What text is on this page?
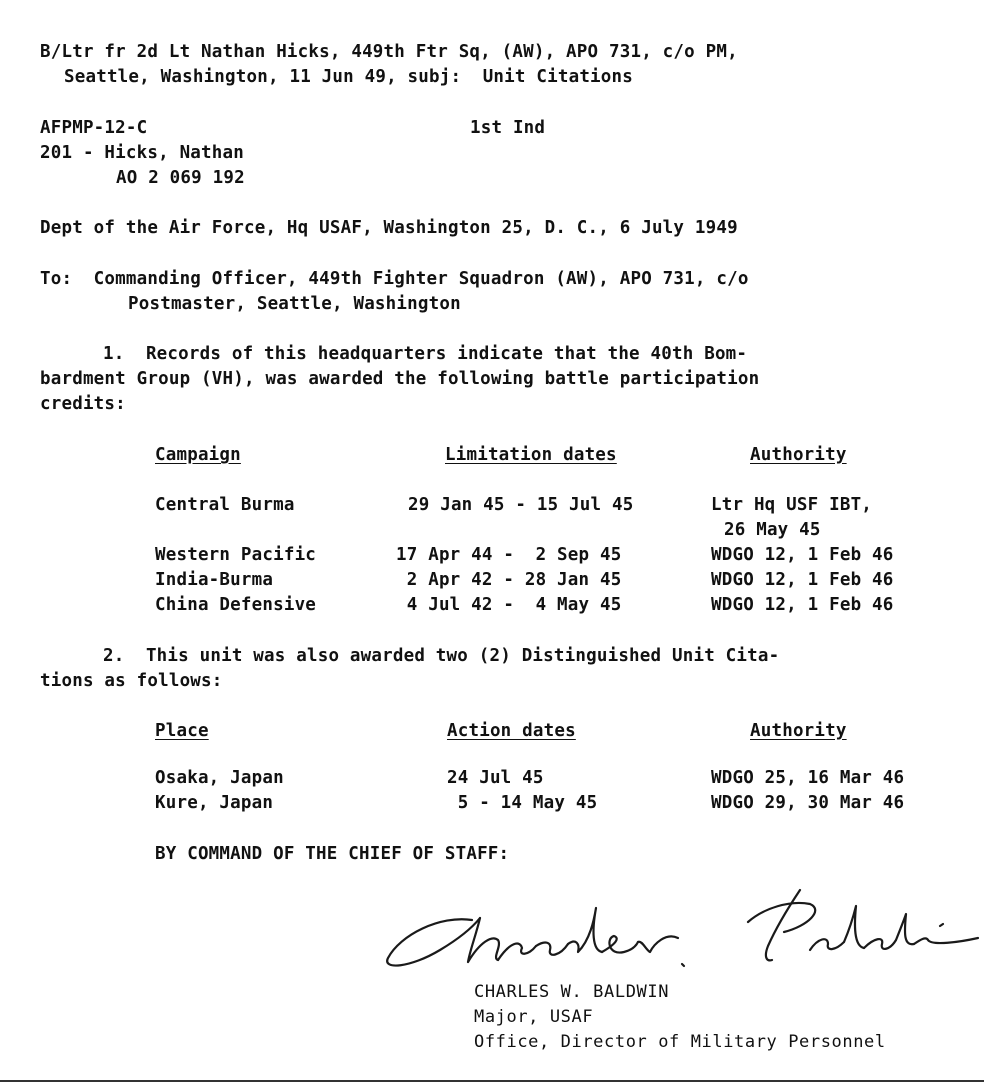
B/Ltr fr 2d Lt Nathan Hicks, 449th Ftr Sq, (AW), APO 731, c/o PM,
Seattle, Washington, 11 Jun 49, subj:  Unit Citations
AFPMP-12-C	1st Ind
201 - Hicks, Nathan
AO 2 069 192
Dept of the Air Force, Hq USAF, Washington 25, D. C., 6 July 1949
To:  Commanding Officer, 449th Fighter Squadron (AW), APO 731, c/o
Postmaster, Seattle, Washington
1.  Records of this headquarters indicate that the 40th Bom-
bardment Group (VH), was awarded the following battle participation
credits:
Campaign	Limitation dates	Authority
Central Burma	29 Jan 45 - 15 Jul 45	Ltr Hq USF IBT,
26 May 45
Western Pacific	17 Apr 44 -  2 Sep 45	WDGO 12, 1 Feb 46
India-Burma	2 Apr 42 - 28 Jan 45	WDGO 12, 1 Feb 46
China Defensive	4 Jul 42 -  4 May 45	WDGO 12, 1 Feb 46
2.  This unit was also awarded two (2) Distinguished Unit Cita-
tions as follows:
Place	Action dates	Authority
Osaka, Japan	24 Jul 45	WDGO 25, 16 Mar 46
Kure, Japan	5 - 14 May 45	WDGO 29, 30 Mar 46
BY COMMAND OF THE CHIEF OF STAFF:
CHARLES W. BALDWIN
Major, USAF
Office, Director of Military Personnel
